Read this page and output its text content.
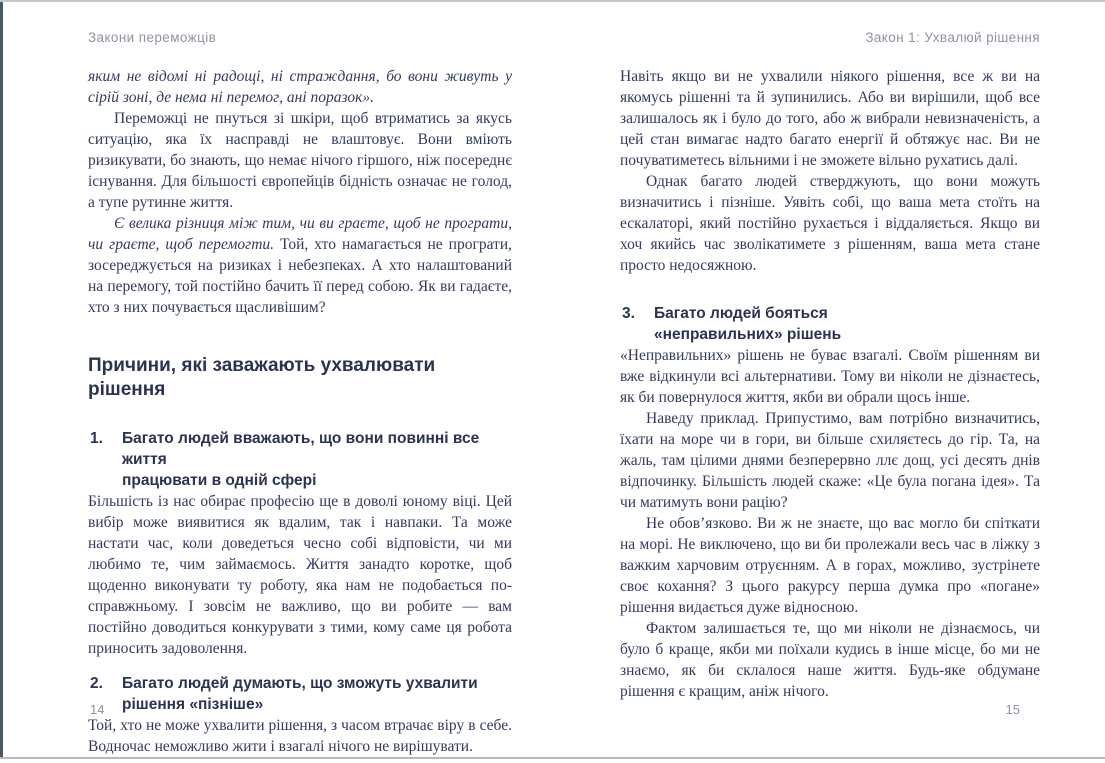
Закони переможців

яким не відомі ні радощі, ні страждання, бо вони живуть у сірій зоні, де нема ні перемог, ані поразок».

Переможці не пнуться зі шкіри, щоб втриматись за якусь ситуацію, яка їх насправді не влаштовує. Вони вміють ризикувати, бо знають, що немає нічого гіршого, ніж посереднє існування. Для більшості європейців бідність означає не голод, а тупе рутинне життя.

Є велика різниця між тим, чи ви граєте, щоб не програти, чи граєте, щоб перемогти. Той, хто намагається не програти, зосереджується на ризиках і небезпеках. А хто налаштований на перемогу, той постійно бачить її перед собою. Як ви гадаєте, хто з них почувається щасливішим?

Причини, які заважають ухвалювати рішення
1. Багато людей вважають, що вони повинні все життя
працювати в одній сфері

Більшість із нас обирає професію ще в доволі юному віці. Цей вибір може виявитися як вдалим, так і навпаки. Та може настати час, коли доведеться чесно собі відповісти, чи ми любимо те, чим займаємось. Життя занадто коротке, щоб щоденно виконувати ту роботу, яка нам не подобається по-справжньому. І зовсім не важливо, що ви робите — вам постійно доводиться конкурувати з тими, кому саме ця робота приносить задоволення.

2. Багато людей думають, що зможуть ухвалити
рішення «пізніше»

Той, хто не може ухвалити рішення, з часом втрачає віру в себе. Водночас неможливо жити і взагалі нічого не вирішувати.

14
Закон 1: Ухвалюй рішення

Навіть якщо ви не ухвалили ніякого рішення, все ж ви на якомусь рішенні та й зупинились. Або ви вирішили, щоб все залишалось як і було до того, або ж вибрали невизначеність, а цей стан вимагає надто багато енергії й обтяжує нас. Ви не почуватиметесь вільними і не зможете вільно рухатись далі.

Однак багато людей стверджують, що вони можуть визначитись і пізніше. Уявіть собі, що ваша мета стоїть на ескалаторі, який постійно рухається і віддаляється. Якщо ви хоч якийсь час зволікатимете з рішенням, ваша мета стане просто недосяжною.

3. Багато людей бояться
«неправильних» рішень

«Неправильних» рішень не буває взагалі. Своїм рішенням ви вже відкинули всі альтернативи. Тому ви ніколи не дізнаєтесь, як би повернулося життя, якби ви обрали щось інше.

Наведу приклад. Припустимо, вам потрібно визначитись, їхати на море чи в гори, ви більше схиляєтесь до гір. Та, на жаль, там цілими днями безперервно ллє дощ, усі десять днів відпочинку. Більшість людей скаже: «Це була погана ідея». Та чи матимуть вони рацію?

Не обов’язково. Ви ж не знаєте, що вас могло би спіткати на морі. Не виключено, що ви би пролежали весь час в ліжку з важким харчовим отруєнням. А в горах, можливо, зустрінете своє кохання? З цього ракурсу перша думка про «погане» рішення видається дуже відносною.

Фактом залишається те, що ми ніколи не дізнаємось, чи було б краще, якби ми поїхали кудись в інше місце, бо ми не знаємо, як би склалося наше життя. Будь-яке обдумане рішення є кращим, аніж нічого.

15
